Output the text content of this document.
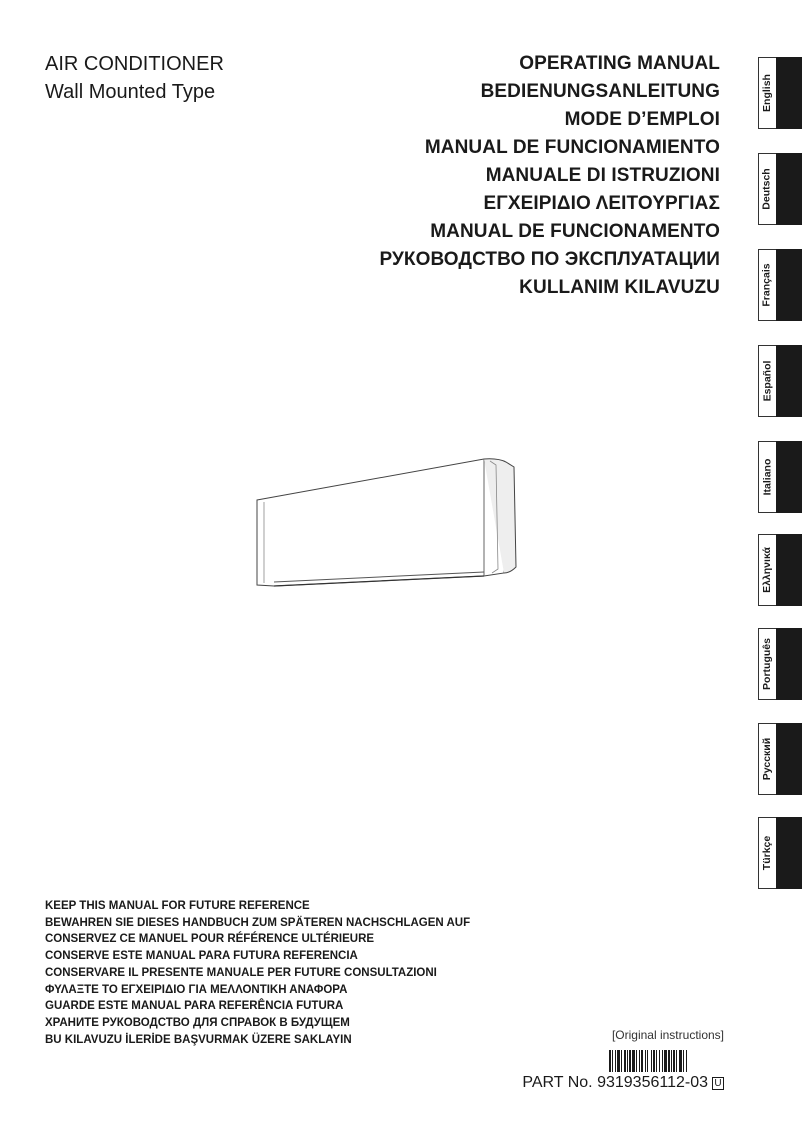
AIR CONDITIONER
Wall Mounted Type
OPERATING MANUAL
BEDIENUNGSANLEITUNG
MODE D’EMPLOI
MANUAL DE FUNCIONAMIENTO
MANUALE DI ISTRUZIONI
ΕΓΧΕΙΡΙΔΙΟ ΛΕΙΤΟΥΡΓΙΑΣ
MANUAL DE FUNCIONAMENTO
РУКОВОДСТВО ПО ЭКСПЛУАТАЦИИ
KULLANIM KILAVUZU
English
Deutsch
Français
Español
Italiano
Ελληνικά
Português
Русский
Türkçe
KEEP THIS MANUAL FOR FUTURE REFERENCE
BEWAHREN SIE DIESES HANDBUCH ZUM SPÄTEREN NACHSCHLAGEN AUF
CONSERVEZ CE MANUEL POUR RÉFÉRENCE ULTÉRIEURE
CONSERVE ESTE MANUAL PARA FUTURA REFERENCIA
CONSERVARE IL PRESENTE MANUALE PER FUTURE CONSULTAZIONI
ΦΥΛΑΞΤΕ ΤΟ ΕΓΧΕΙΡΙΔΙΟ ΓΙΑ ΜΕΛΛΟΝΤΙΚΗ ΑΝΑΦΟΡΑ
GUARDE ESTE MANUAL PARA REFERÊNCIA FUTURA
ХРАНИТЕ РУКОВОДСТВО ДЛЯ СПРАВОК В БУДУЩЕМ
BU KILAVUZU İLERİDE BAŞVURMAK ÜZERE SAKLAYIN	[Original instructions]
PART No. 9319356112-03 U
